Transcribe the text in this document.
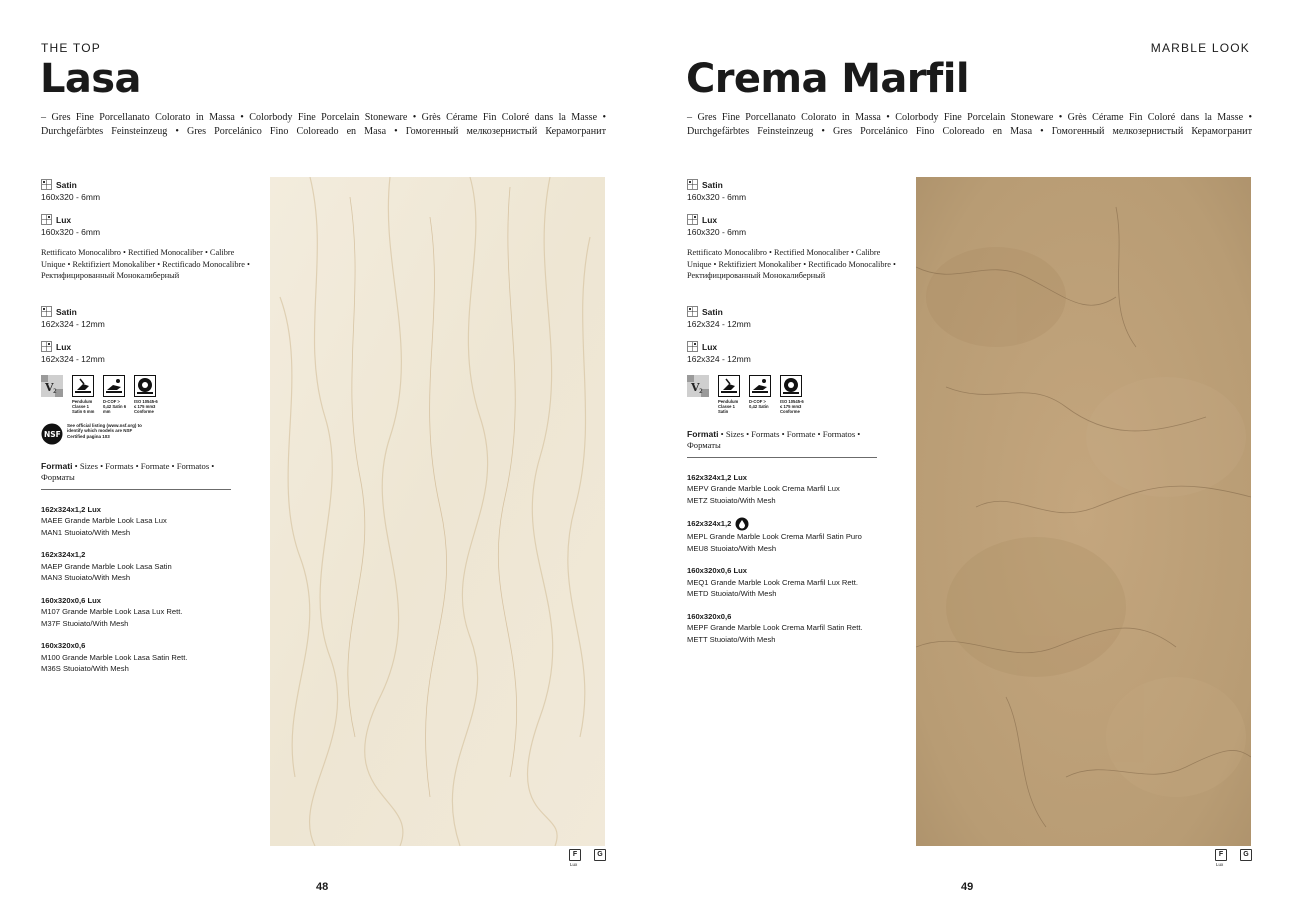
THE TOP
Lasa

– Gres Fine Porcellanato Colorato in Massa • Colorbody Fine Porcelain Stoneware • Grès Cérame Fin Coloré dans la Masse • Durchgefärbtes Feinsteinzeug • Gres Porcelánico Fino Coloreado en Masa • Гомогенный мелкозернистый Керамогранит

Satin
160x320 - 6mm
Lux
160x320 - 6mm
Rettificato Monocalibro • Rectified Monocaliber • Calibre Unique • Rektifiziert Monokaliber • Rectificado Monocalibre • Ректифицированный Монокалиберный
Satin
162x324 - 12mm
Lux
162x324 - 12mm
V 2
Pendulum Classe 1 Satin 6 mm
D-COF > 0,42 Satin 6 mm
ISO 10545-6 ≤ 175 mm3 Conforme
NSF
See official listing (www.nsf.org) to identify which models are NSF Certified pagina 103
Formati • Sizes • Formats • Formate • Formatos • Форматы
162x324x1,2 Lux
MAEE Grande Marble Look Lasa Lux
MAN1 Stuoiato/With Mesh
162x324x1,2
MAEP Grande Marble Look Lasa Satin
MAN3 Stuoiato/With Mesh
160x320x0,6 Lux
M107 Grande Marble Look Lasa Lux Rett.
M37F Stuoiato/With Mesh
160x320x0,6
M100 Grande Marble Look Lasa Satin Rett.
M36S Stuoiato/With Mesh
F	G
Lux
48
MARBLE LOOK
Crema Marfil

– Gres Fine Porcellanato Colorato in Massa • Colorbody Fine Porcelain Stoneware • Grès Cérame Fin Coloré dans la Masse • Durchgefärbtes Feinsteinzeug • Gres Porcelánico Fino Coloreado en Masa • Гомогенный мелкозернистый Керамогранит

Satin
160x320 - 6mm
Lux
160x320 - 6mm
Rettificato Monocalibro • Rectified Monocaliber • Calibre Unique • Rektifiziert Monokaliber • Rectificado Monocalibre • Ректифицированный Монокалиберный
Satin
162x324 - 12mm
Lux
162x324 - 12mm
V 2
Pendulum Classe 1 Satin
D-COF > 0,42 Satin
ISO 10545-6 ≤ 175 mm3 Conforme
Formati • Sizes • Formats • Formate • Formatos • Форматы
162x324x1,2 Lux
MEPV Grande Marble Look Crema Marfil Lux
METZ Stuoiato/With Mesh
162x324x1,2
MEPL Grande Marble Look Crema Marfil Satin Puro
MEU8 Stuoiato/With Mesh
160x320x0,6 Lux
MEQ1 Grande Marble Look Crema Marfil Lux Rett.
METD Stuoiato/With Mesh
160x320x0,6
MEPF Grande Marble Look Crema Marfil Satin Rett.
METT Stuoiato/With Mesh
F	G
Lux
49
